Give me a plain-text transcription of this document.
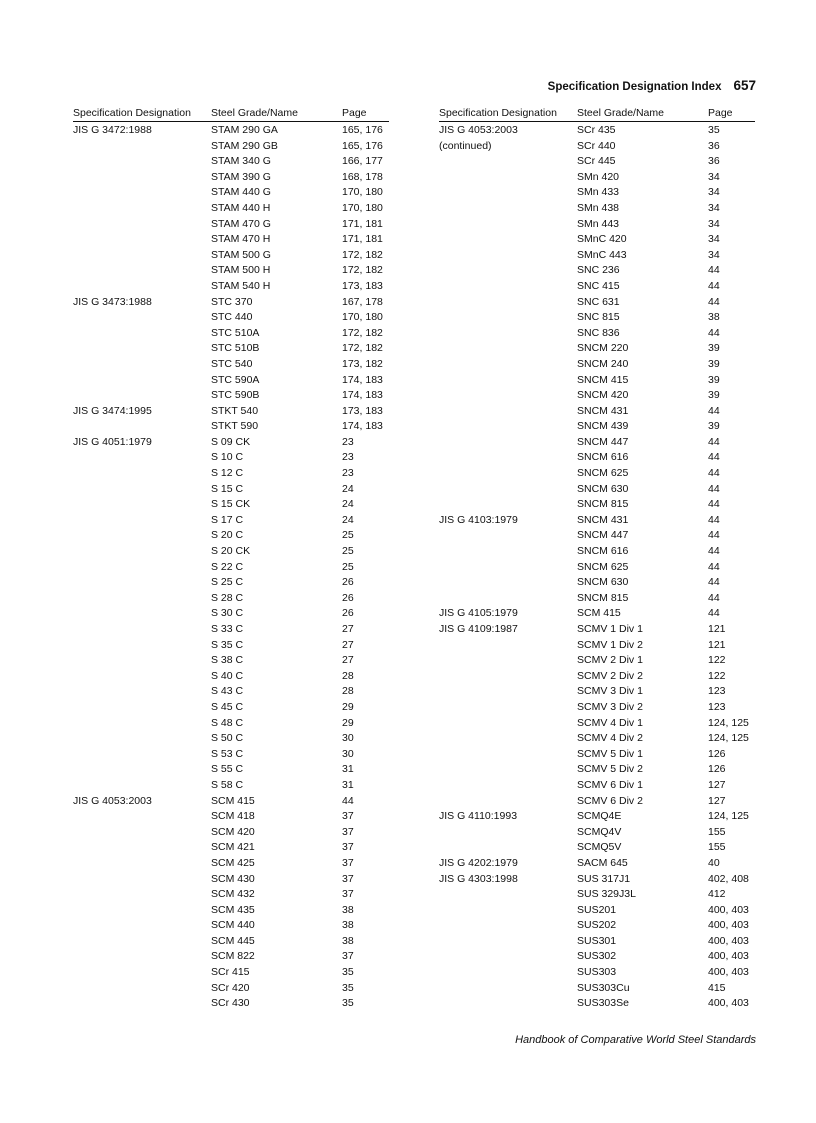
Specification Designation Index 657
Specification Designation	Steel Grade/Name	Page
JIS G 3472:1988	STAM 290 GA	165, 176
STAM 290 GB	165, 176
STAM 340 G	166, 177
STAM 390 G	168, 178
STAM 440 G	170, 180
STAM 440 H	170, 180
STAM 470 G	171, 181
STAM 470 H	171, 181
STAM 500 G	172, 182
STAM 500 H	172, 182
STAM 540 H	173, 183
JIS G 3473:1988	STC 370	167, 178
STC 440	170, 180
STC 510A	172, 182
STC 510B	172, 182
STC 540	173, 182
STC 590A	174, 183
STC 590B	174, 183
JIS G 3474:1995	STKT 540	173, 183
STKT 590	174, 183
JIS G 4051:1979	S 09 CK	23
S 10 C	23
S 12 C	23
S 15 C	24
S 15 CK	24
S 17 C	24
S 20 C	25
S 20 CK	25
S 22 C	25
S 25 C	26
S 28 C	26
S 30 C	26
S 33 C	27
S 35 C	27
S 38 C	27
S 40 C	28
S 43 C	28
S 45 C	29
S 48 C	29
S 50 C	30
S 53 C	30
S 55 C	31
S 58 C	31
JIS G 4053:2003	SCM 415	44
SCM 418	37
SCM 420	37
SCM 421	37
SCM 425	37
SCM 430	37
SCM 432	37
SCM 435	38
SCM 440	38
SCM 445	38
SCM 822	37
SCr 415	35
SCr 420	35
SCr 430	35
Specification Designation	Steel Grade/Name	Page
JIS G 4053:2003	SCr 435	35
(continued)	SCr 440	36
SCr 445	36
SMn 420	34
SMn 433	34
SMn 438	34
SMn 443	34
SMnC 420	34
SMnC 443	34
SNC 236	44
SNC 415	44
SNC 631	44
SNC 815	38
SNC 836	44
SNCM 220	39
SNCM 240	39
SNCM 415	39
SNCM 420	39
SNCM 431	44
SNCM 439	39
SNCM 447	44
SNCM 616	44
SNCM 625	44
SNCM 630	44
SNCM 815	44
JIS G 4103:1979	SNCM 431	44
SNCM 447	44
SNCM 616	44
SNCM 625	44
SNCM 630	44
SNCM 815	44
JIS G 4105:1979	SCM 415	44
JIS G 4109:1987	SCMV 1 Div 1	121
SCMV 1 Div 2	121
SCMV 2 Div 1	122
SCMV 2 Div 2	122
SCMV 3 Div 1	123
SCMV 3 Div 2	123
SCMV 4 Div 1	124, 125
SCMV 4 Div 2	124, 125
SCMV 5 Div 1	126
SCMV 5 Div 2	126
SCMV 6 Div 1	127
SCMV 6 Div 2	127
JIS G 4110:1993	SCMQ4E	124, 125
SCMQ4V	155
SCMQ5V	155
JIS G 4202:1979	SACM 645	40
JIS G 4303:1998	SUS 317J1	402, 408
SUS 329J3L	412
SUS201	400, 403
SUS202	400, 403
SUS301	400, 403
SUS302	400, 403
SUS303	400, 403
SUS303Cu	415
SUS303Se	400, 403
Handbook of Comparative World Steel Standards
